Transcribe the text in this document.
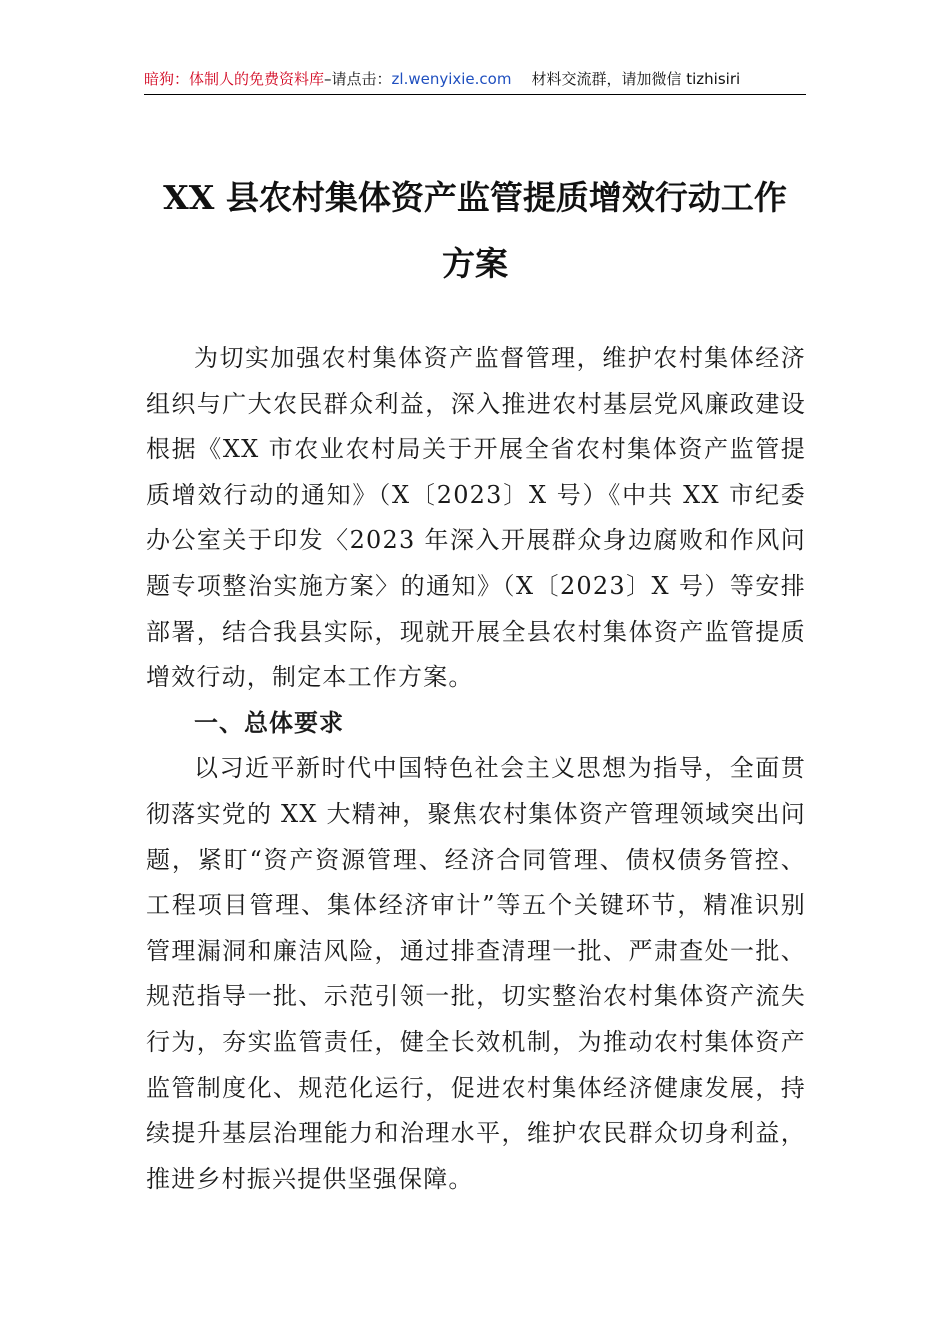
暗狗：体制人的免费资料库–请点击：zl.wenyixie.com 材料交流群，请加微信 tizhisiri
XX 县农村集体资产监管提质增效行动工作
方案

为切实加强农村集体资产监督管理，维护农村集体经济组织与广大农民群众利益，深入推进农村基层党风廉政建设根据《XX 市农业农村局关于开展全省农村集体资产监管提质增效行动的通知》（X〔2023〕X 号）《中共 XX 市纪委办公室关于印发〈2023 年深入开展群众身边腐败和作风问题专项整治实施方案〉的通知》（X〔2023〕X 号）等安排部署，结合我县实际，现就开展全县农村集体资产监管提质增效行动，制定本工作方案。

一、总体要求

以习近平新时代中国特色社会主义思想为指导，全面贯彻落实党的 XX 大精神，聚焦农村集体资产管理领域突出问题，紧盯“资产资源管理、经济合同管理、债权债务管控、工程项目管理、集体经济审计”等五个关键环节，精准识别管理漏洞和廉洁风险，通过排查清理一批、严肃查处一批、规范指导一批、示范引领一批，切实整治农村集体资产流失行为，夯实监管责任，健全长效机制，为推动农村集体资产监管制度化、规范化运行，促进农村集体经济健康发展，持续提升基层治理能力和治理水平，维护农民群众切身利益，推进乡村振兴提供坚强保障。
